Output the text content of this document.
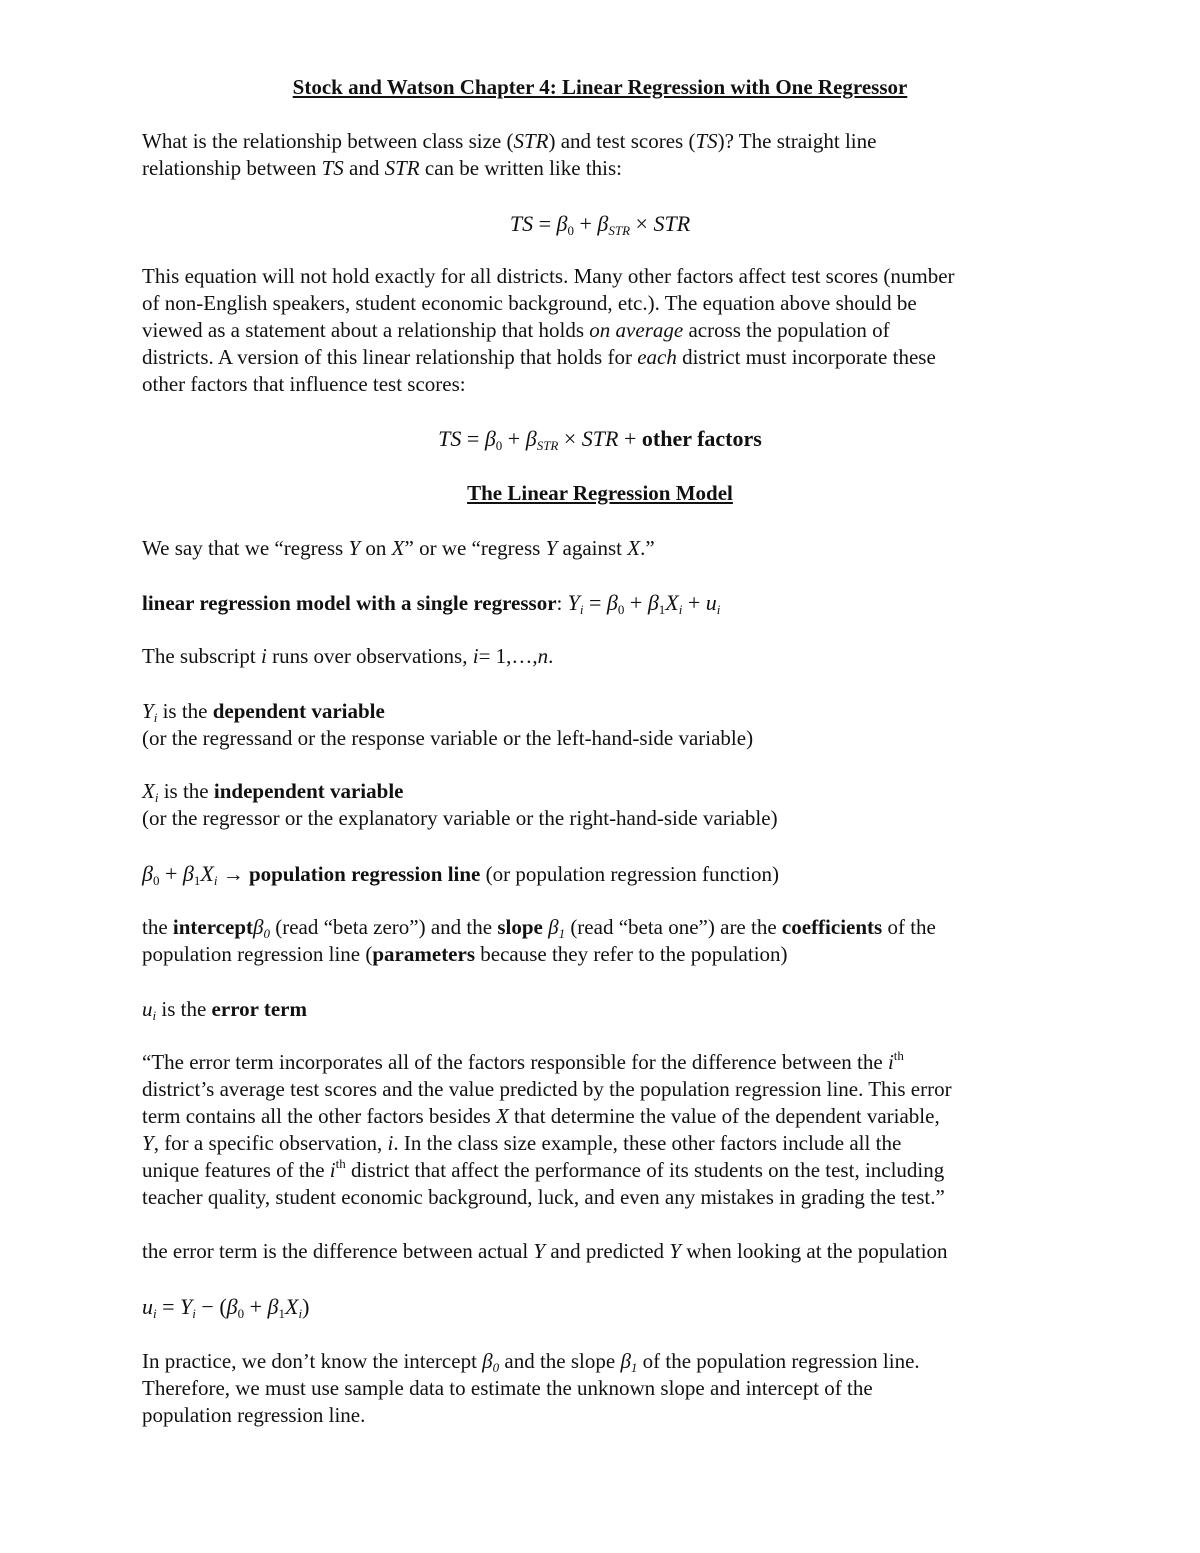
Stock and Watson Chapter 4: Linear Regression with One Regressor
What is the relationship between class size (STR) and test scores (TS)? The straight line
relationship between TS and STR can be written like this:
TS = $\beta_0 + \beta_{STR}$ × STR
This equation will not hold exactly for all districts. Many other factors affect test scores (number
of non-English speakers, student economic background, etc.). The equation above should be
viewed as a statement about a relationship that holds on average across the population of
districts. A version of this linear relationship that holds for each district must incorporate these
other factors that influence test scores:
TS = $\beta_0 + \beta_{STR}$ × STR + other factors
The Linear Regression Model
We say that we “regress Y on X” or we “regress Y against X.”
linear regression model with a single regressor: $Y_i = \beta_0 + \beta_1X_i + u_i$
The subscript i runs over observations, i= 1,…,n.
$Y_i$ is the dependent variable
(or the regressand or the response variable or the left-hand-side variable)
$X_i$ is the independent variable
(or the regressor or the explanatory variable or the right-hand-side variable)
$\beta_0 + \beta_1X_i$ → population regression line (or population regression function)
the interceptβ$_0$ (read “beta zero”) and the slope $\beta_1$ (read “beta one”) are the coefficients of the
population regression line (parameters because they refer to the population)
$u_i$ is the error term
“The error term incorporates all of the factors responsible for the difference between the $i^{th}$
district’s average test scores and the value predicted by the population regression line. This error
term contains all the other factors besides X that determine the value of the dependent variable,
Y, for a specific observation, i. In the class size example, these other factors include all the
unique features of the $i^{th}$ district that affect the performance of its students on the test, including
teacher quality, student economic background, luck, and even any mistakes in grading the test.”
the error term is the difference between actual Y and predicted Y when looking at the population
$u_i = Y_i - (\beta_0 + \beta_1X_i)$
In practice, we don’t know the intercept $\beta_0$ and the slope $\beta_1$ of the population regression line.
Therefore, we must use sample data to estimate the unknown slope and intercept of the
population regression line.
